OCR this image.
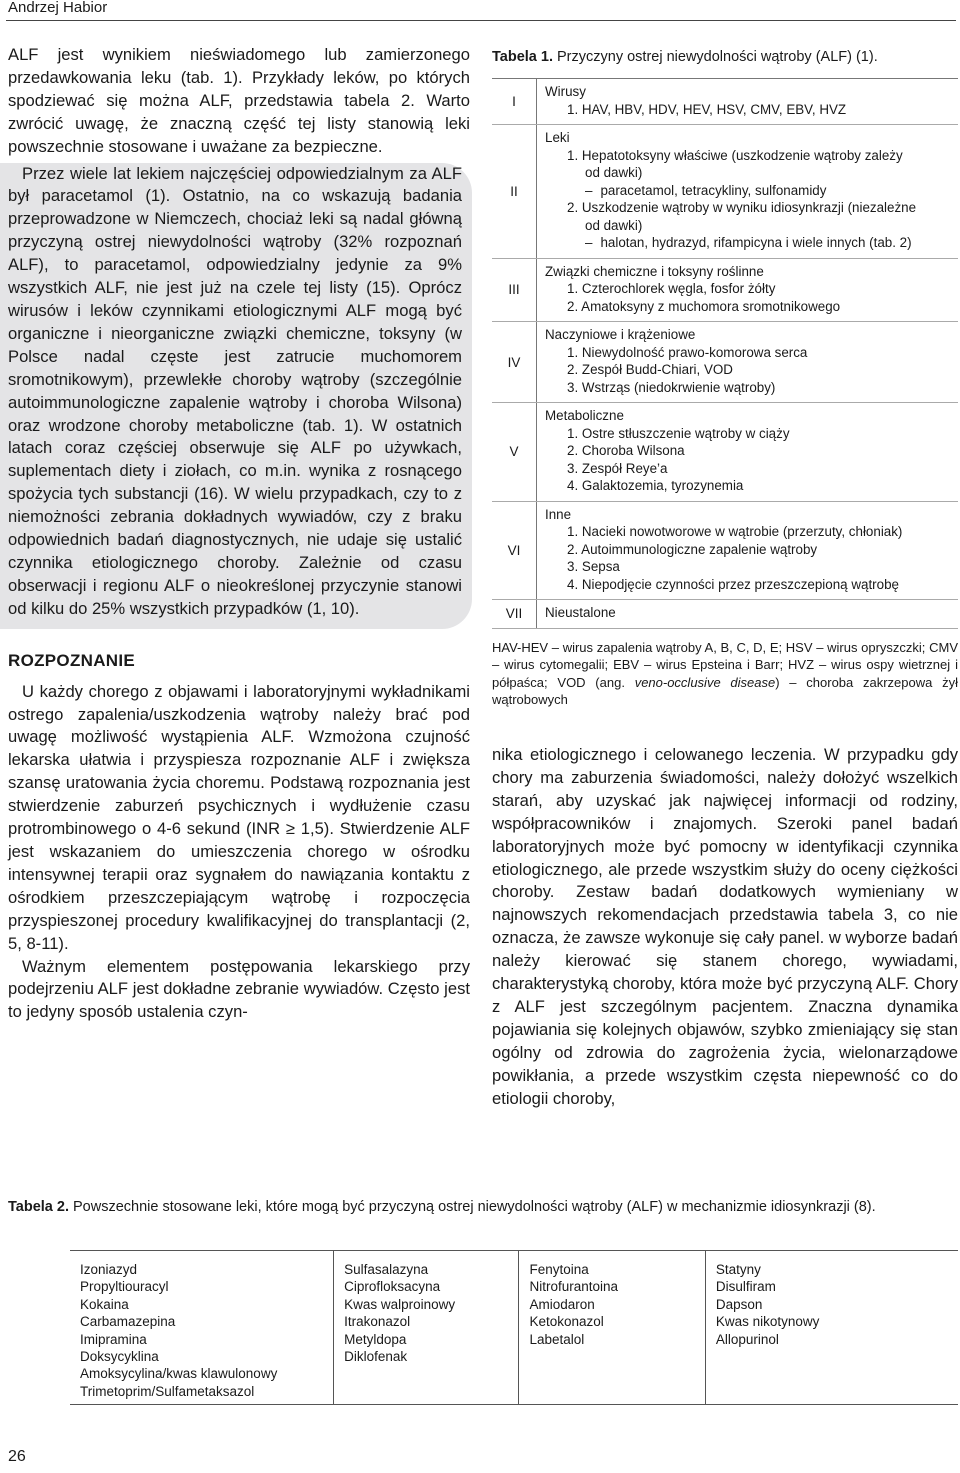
Andrzej Habior

ALF jest wynikiem nieświadomego lub zamierzonego przedawkowania leku (tab. 1). Przykłady leków, po których spodziewać się można ALF, przedstawia tabela 2. Warto zwrócić uwagę, że znaczną część tej listy stanowią leki powszechnie stosowane i uważane za bezpieczne.

Przez wiele lat lekiem najczęściej odpowiedzialnym za ALF był paracetamol (1). Ostatnio, na co wskazują badania przeprowadzone w Niemczech, chociaż leki są nadal główną przyczyną ostrej niewydolności wątroby (32% rozpoznań ALF), to paracetamol, odpowiedzialny jedynie za 9% wszystkich ALF, nie jest już na czele tej listy (15). Oprócz wirusów i leków czynnikami etiologicznymi ALF mogą być organiczne i nieorganiczne związki chemiczne, toksyny (w Polsce nadal częste jest zatrucie muchomorem sromotnikowym), przewlekłe choroby wątroby (szczególnie autoimmunologiczne zapalenie wątroby i choroba Wilsona) oraz wrodzone choroby metaboliczne (tab. 1). W ostatnich latach coraz częściej obserwuje się ALF po używkach, suplementach diety i ziołach, co m.in. wynika z rosnącego spożycia tych substancji (16). W wielu przypadkach, czy to z niemożności zebrania dokładnych wywiadów, czy z braku odpowiednich badań diagnostycznych, nie udaje się ustalić czynnika etiologicznego choroby. Zależnie od czasu obserwacji i regionu ALF o nieokreślonej przyczynie stanowi od kilku do 25% wszystkich przypadków (1, 10).

ROZPOZNANIE

U każdy chorego z objawami i laboratoryjnymi wykładnikami ostrego zapalenia/uszkodzenia wątroby należy brać pod uwagę możliwość wystąpienia ALF. Wzmożona czujność lekarska ułatwia i przyspiesza rozpoznanie ALF i zwiększa szansę uratowania życia choremu. Podstawą rozpoznania jest stwierdzenie zaburzeń psychicznych i wydłużenie czasu protrombinowego o 4-6 sekund (INR ≥ 1,5). Stwierdzenie ALF jest wskazaniem do umieszczenia chorego w ośrodku intensywnej terapii oraz sygnałem do nawiązania kontaktu z ośrodkiem przeszczepiającym wątrobę i rozpoczęcia przyspieszonej procedury kwalifikacyjnej do transplantacji (2, 5, 8-11).

Ważnym elementem postępowania lekarskiego przy podejrzeniu ALF jest dokładne zebranie wywiadów. Często jest to jedyny sposób ustalenia czyn-

Tabela 1. Przyczyny ostrej niewydolności wątroby (ALF) (1).

I
Wirusy
1. HAV, HBV, HDV, HEV, HSV, CMV, EBV, HVZ
II
Leki
1. Hepatotoksyny właściwe (uszkodzenie wątroby zależy
od dawki)
– paracetamol, tetracykliny, sulfonamidy
2. Uszkodzenie wątroby w wyniku idiosynkrazji (niezależne
od dawki)
– halotan, hydrazyd, rifampicyna i wiele innych (tab. 2)
III
Związki chemiczne i toksyny roślinne
1. Czterochlorek węgla, fosfor żółty
2. Amatoksyny z muchomora sromotnikowego
IV
Naczyniowe i krążeniowe
1. Niewydolność prawo-komorowa serca
2. Zespół Budd-Chiari, VOD
3. Wstrząs (niedokrwienie wątroby)
V
Metaboliczne
1. Ostre stłuszczenie wątroby w ciąży
2. Choroba Wilsona
3. Zespół Reye’a
4. Galaktozemia, tyrozynemia
VI
Inne
1. Nacieki nowotworowe w wątrobie (przerzuty, chłoniak)
2. Autoimmunologiczne zapalenie wątroby
3. Sepsa
4. Niepodjęcie czynności przez przeszczepioną wątrobę
VII	Nieustalone

HAV-HEV – wirus zapalenia wątroby A, B, C, D, E; HSV – wirus opryszczki; CMV – wirus cytomegalii; EBV – wirus Epsteina i Barr; HVZ – wirus ospy wietrznej i półpaśca; VOD (ang. veno-occlusive disease) – choroba zakrzepowa żył wątrobowych

nika etiologicznego i celowanego leczenia. W przypadku gdy chory ma zaburzenia świadomości, należy dołożyć wszelkich starań, aby uzyskać jak najwięcej informacji od rodziny, współpracowników i znajomych. Szeroki panel badań laboratoryjnych może być pomocny w identyfikacji czynnika etiologicznego, ale przede wszystkim służy do oceny ciężkości choroby. Zestaw badań dodatkowych wymieniany w najnowszych rekomendacjach przedstawia tabela 3, co nie oznacza, że zawsze wykonuje się cały panel. w wyborze badań należy kierować się stanem chorego, wywiadami, charakterystyką choroby, która może być przyczyną ALF. Chory z ALF jest szczególnym pacjentem. Znaczna dynamika pojawiania się kolejnych objawów, szybko zmieniający się stan ogólny od zdrowia do zagrożenia życia, wielonarządowe powikłania, a przede wszystkim częsta niepewność co do etiologii choroby,

Tabela 2. Powszechnie stosowane leki, które mogą być przyczyną ostrej niewydolności wątroby (ALF) w mechanizmie idiosynkrazji (8).
Izoniazyd
Propyltiouracyl
Kokaina
Carbamazepina
Imipramina
Doksycyklina
Amoksycylina/kwas klawulonowy
Trimetoprim/Sulfametaksazol
Sulfasalazyna
Ciprofloksacyna
Kwas walproinowy
Itrakonazol
Metyldopa
Diklofenak
Fenytoina
Nitrofurantoina
Amiodaron
Ketokonazol
Labetalol
Statyny
Disulfiram
Dapson
Kwas nikotynowy
Allopurinol
26
